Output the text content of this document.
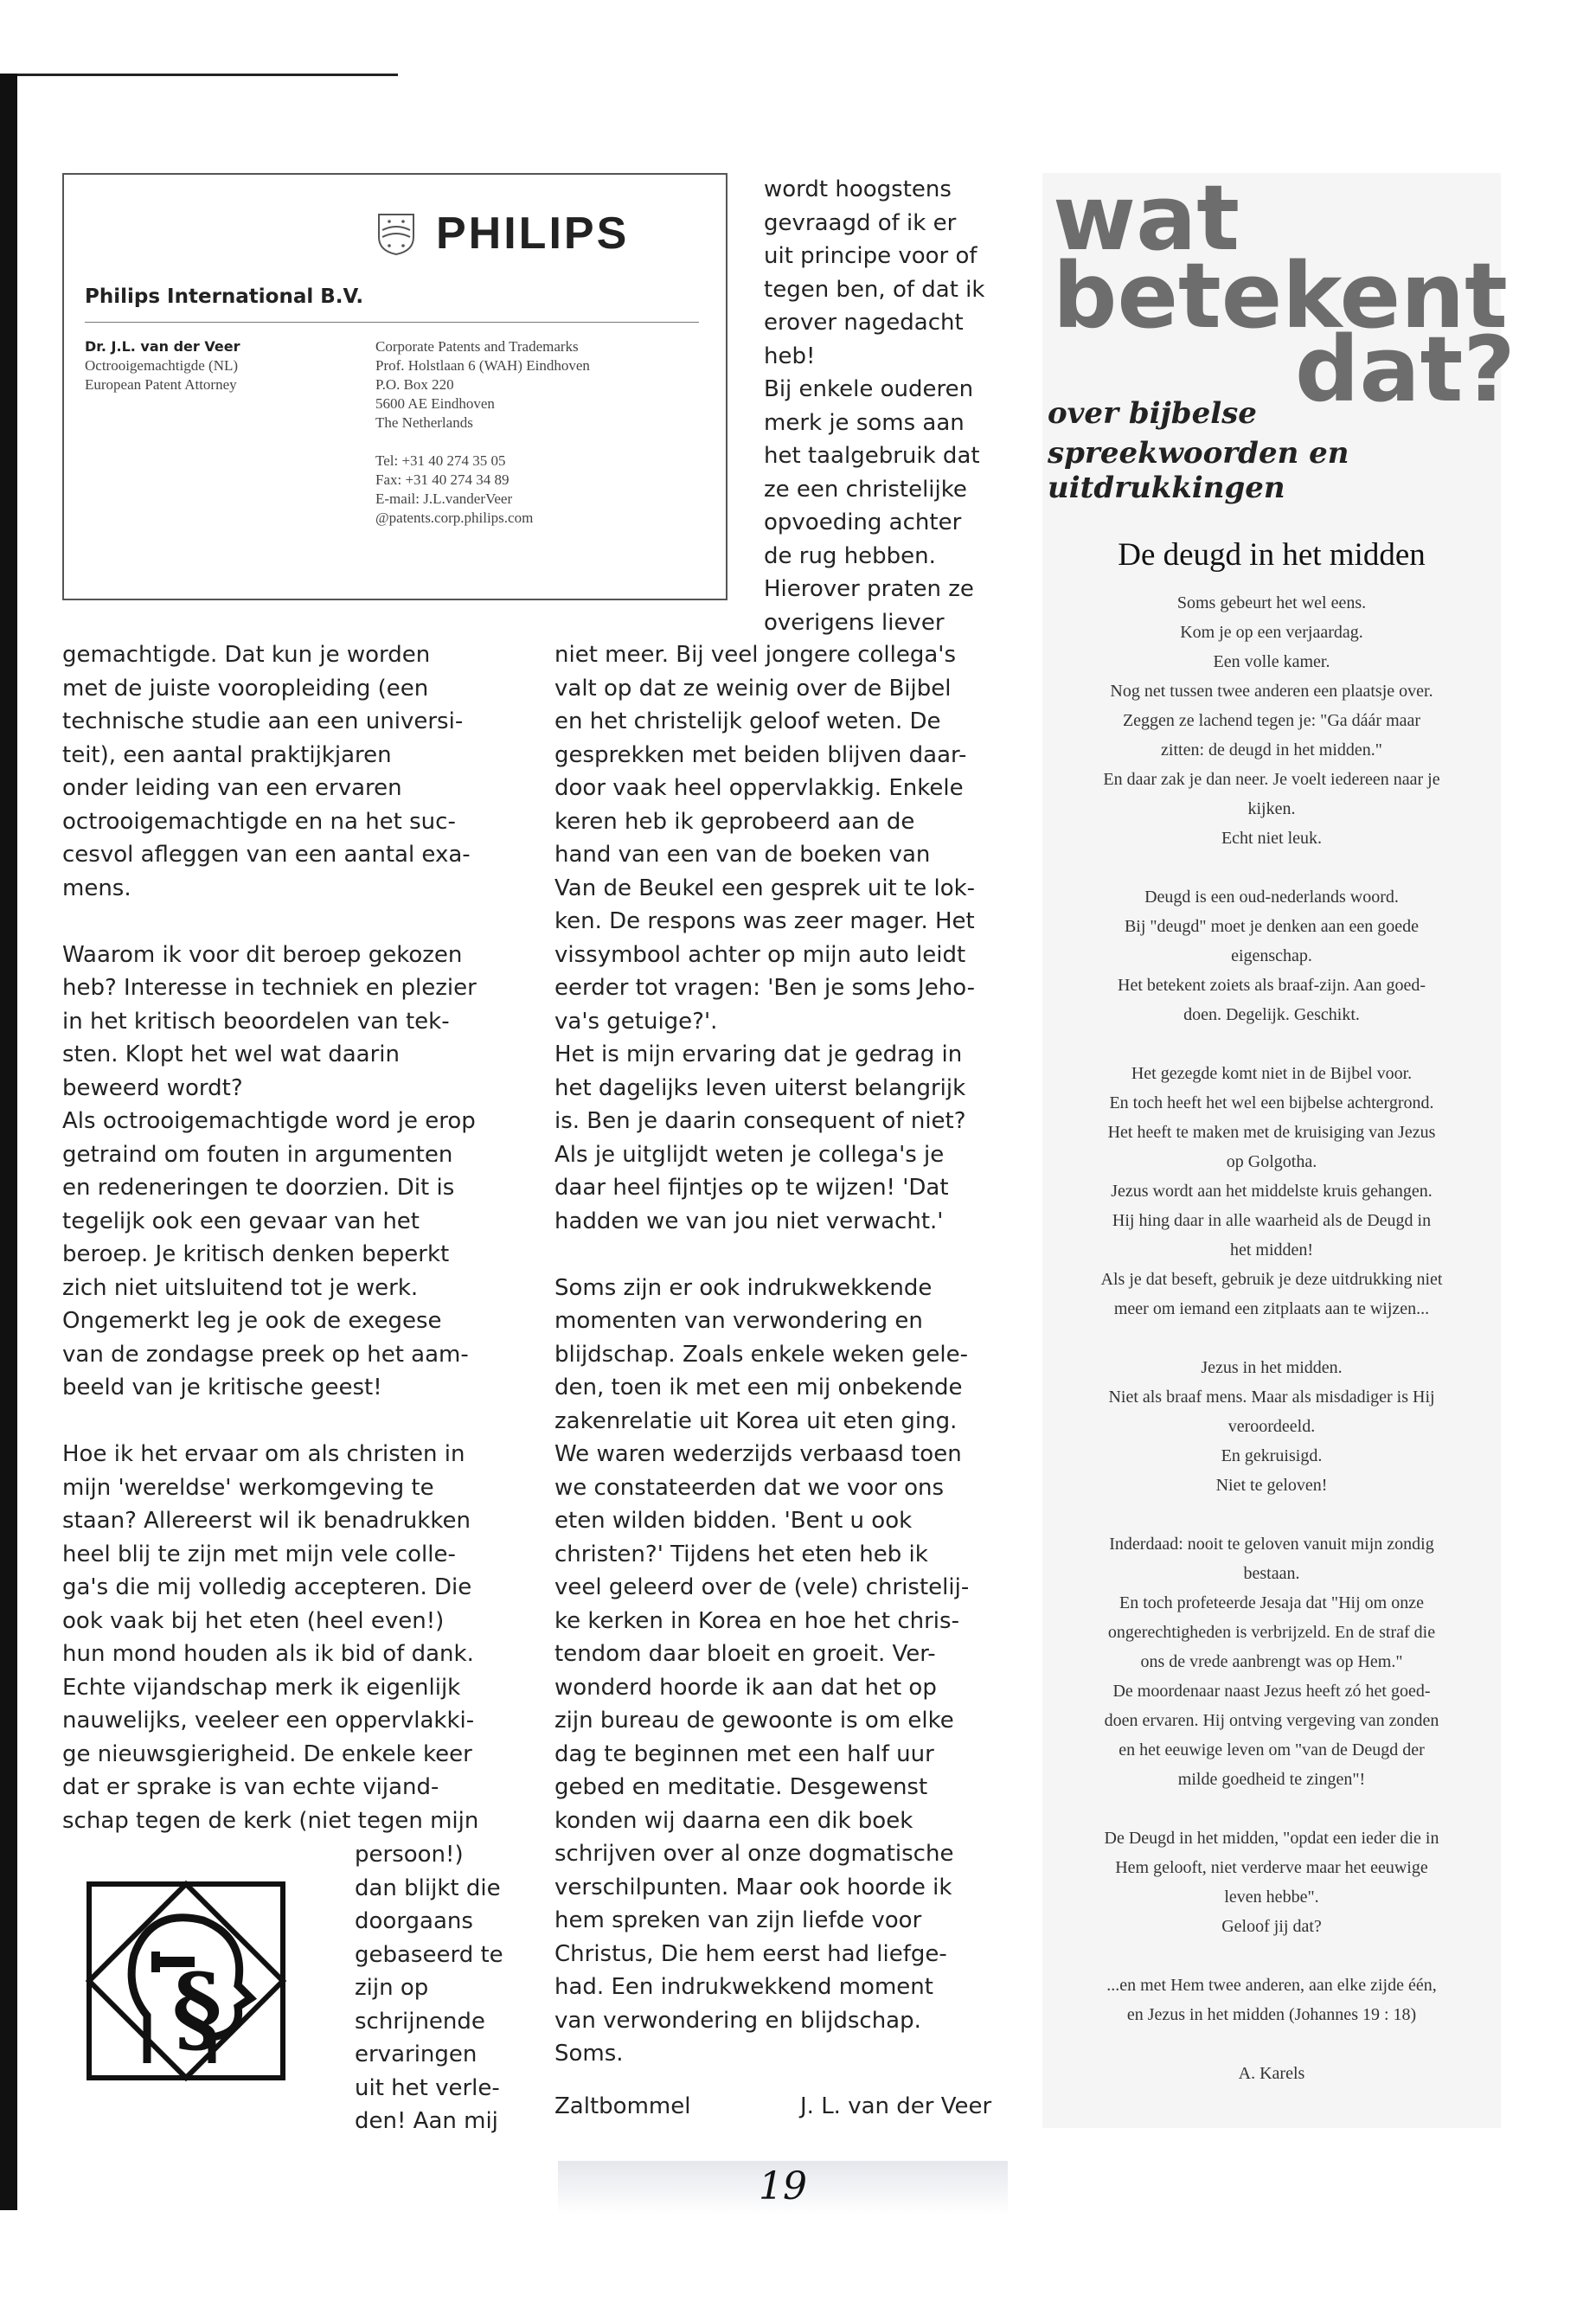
PHILIPS
Philips International B.V.
Dr. J.L. van der Veer
Octrooigemachtigde (NL)
European Patent Attorney
Corporate Patents and Trademarks
Prof. Holstlaan 6 (WAH) Eindhoven
P.O. Box 220
5600 AE Eindhoven
The Netherlands
Tel: +31 40 274 35 05
Fax: +31 40 274 34 89
E-mail: J.L.vanderVeer
@patents.corp.philips.com

wordt hoogstens

gevraagd of ik er

uit principe voor of

tegen ben, of dat ik

erover nagedacht

heb!

Bij enkele ouderen

merk je soms aan

het taalgebruik dat

ze een christelijke

opvoeding achter

de rug hebben.

Hierover praten ze

overigens liever

gemachtigde. Dat kun je worden

met de juiste vooropleiding (een

technische studie aan een universi-

teit), een aantal praktijkjaren

onder leiding van een ervaren

octrooigemachtigde en na het suc-

cesvol afleggen van een aantal exa-

mens.

Waarom ik voor dit beroep gekozen

heb? Interesse in techniek en plezier

in het kritisch beoordelen van tek-

sten. Klopt het wel wat daarin

beweerd wordt?

Als octrooigemachtigde word je erop

getraind om fouten in argumenten

en redeneringen te doorzien. Dit is

tegelijk ook een gevaar van het

beroep. Je kritisch denken beperkt

zich niet uitsluitend tot je werk.

Ongemerkt leg je ook de exegese

van de zondagse preek op het aam-

beeld van je kritische geest!

Hoe ik het ervaar om als christen in

mijn 'wereldse' werkomgeving te

staan? Allereerst wil ik benadrukken

heel blij te zijn met mijn vele colle-

ga's die mij volledig accepteren. Die

ook vaak bij het eten (heel even!)

hun mond houden als ik bid of dank.

Echte vijandschap merk ik eigenlijk

nauwelijks, veeleer een oppervlakki-

ge nieuwsgierigheid. De enkele keer

dat er sprake is van echte vijand-

schap tegen de kerk (niet tegen mijn

persoon!)

dan blijkt die

doorgaans

gebaseerd te

zijn op

schrijnende

ervaringen

uit het verle-

den! Aan mij

niet meer. Bij veel jongere collega's

valt op dat ze weinig over de Bijbel

en het christelijk geloof weten. De

gesprekken met beiden blijven daar-

door vaak heel oppervlakkig. Enkele

keren heb ik geprobeerd aan de

hand van een van de boeken van

Van de Beukel een gesprek uit te lok-

ken. De respons was zeer mager. Het

vissymbool achter op mijn auto leidt

eerder tot vragen: 'Ben je soms Jeho-

va's getuige?'.

Het is mijn ervaring dat je gedrag in

het dagelijks leven uiterst belangrijk

is. Ben je daarin consequent of niet?

Als je uitglijdt weten je collega's je

daar heel fijntjes op te wijzen! 'Dat

hadden we van jou niet verwacht.'

Soms zijn er ook indrukwekkende

momenten van verwondering en

blijdschap. Zoals enkele weken gele-

den, toen ik met een mij onbekende

zakenrelatie uit Korea uit eten ging.

We waren wederzijds verbaasd toen

we constateerden dat we voor ons

eten wilden bidden. 'Bent u ook

christen?' Tijdens het eten heb ik

veel geleerd over de (vele) christelij-

ke kerken in Korea en hoe het chris-

tendom daar bloeit en groeit. Ver-

wonderd hoorde ik aan dat het op

zijn bureau de gewoonte is om elke

dag te beginnen met een half uur

gebed en meditatie. Desgewenst

konden wij daarna een dik boek

schrijven over al onze dogmatische

verschilpunten. Maar ook hoorde ik

hem spreken van zijn liefde voor

Christus, Die hem eerst had liefge-

had. Een indrukwekkend moment

van verwondering en blijdschap.

Soms.

§
Zaltbommel	J. L. van der Veer
19
wat
betekent
dat?
over bijbelse
spreekwoorden en uitdrukkingen
De deugd in het midden

Soms gebeurt het wel eens.

Kom je op een verjaardag.

Een volle kamer.

Nog net tussen twee anderen een plaatsje over.

Zeggen ze lachend tegen je: "Ga dáár maar

zitten: de deugd in het midden."

En daar zak je dan neer. Je voelt iedereen naar je

kijken.

Echt niet leuk.

Deugd is een oud-nederlands woord.

Bij "deugd" moet je denken aan een goede

eigenschap.

Het betekent zoiets als braaf-zijn. Aan goed-

doen. Degelijk. Geschikt.

Het gezegde komt niet in de Bijbel voor.

En toch heeft het wel een bijbelse achtergrond.

Het heeft te maken met de kruisiging van Jezus

op Golgotha.

Jezus wordt aan het middelste kruis gehangen.

Hij hing daar in alle waarheid als de Deugd in

het midden!

Als je dat beseft, gebruik je deze uitdrukking niet

meer om iemand een zitplaats aan te wijzen...

Jezus in het midden.

Niet als braaf mens. Maar als misdadiger is Hij

veroordeeld.

En gekruisigd.

Niet te geloven!

Inderdaad: nooit te geloven vanuit mijn zondig

bestaan.

En toch profeteerde Jesaja dat "Hij om onze

ongerechtigheden is verbrijzeld. En de straf die

ons de vrede aanbrengt was op Hem."

De moordenaar naast Jezus heeft zó het goed-

doen ervaren. Hij ontving vergeving van zonden

en het eeuwige leven om "van de Deugd der

milde goedheid te zingen"!

De Deugd in het midden, "opdat een ieder die in

Hem gelooft, niet verderve maar het eeuwige

leven hebbe".

Geloof jij dat?

...en met Hem twee anderen, aan elke zijde één,

en Jezus in het midden (Johannes 19 : 18)

A. Karels
